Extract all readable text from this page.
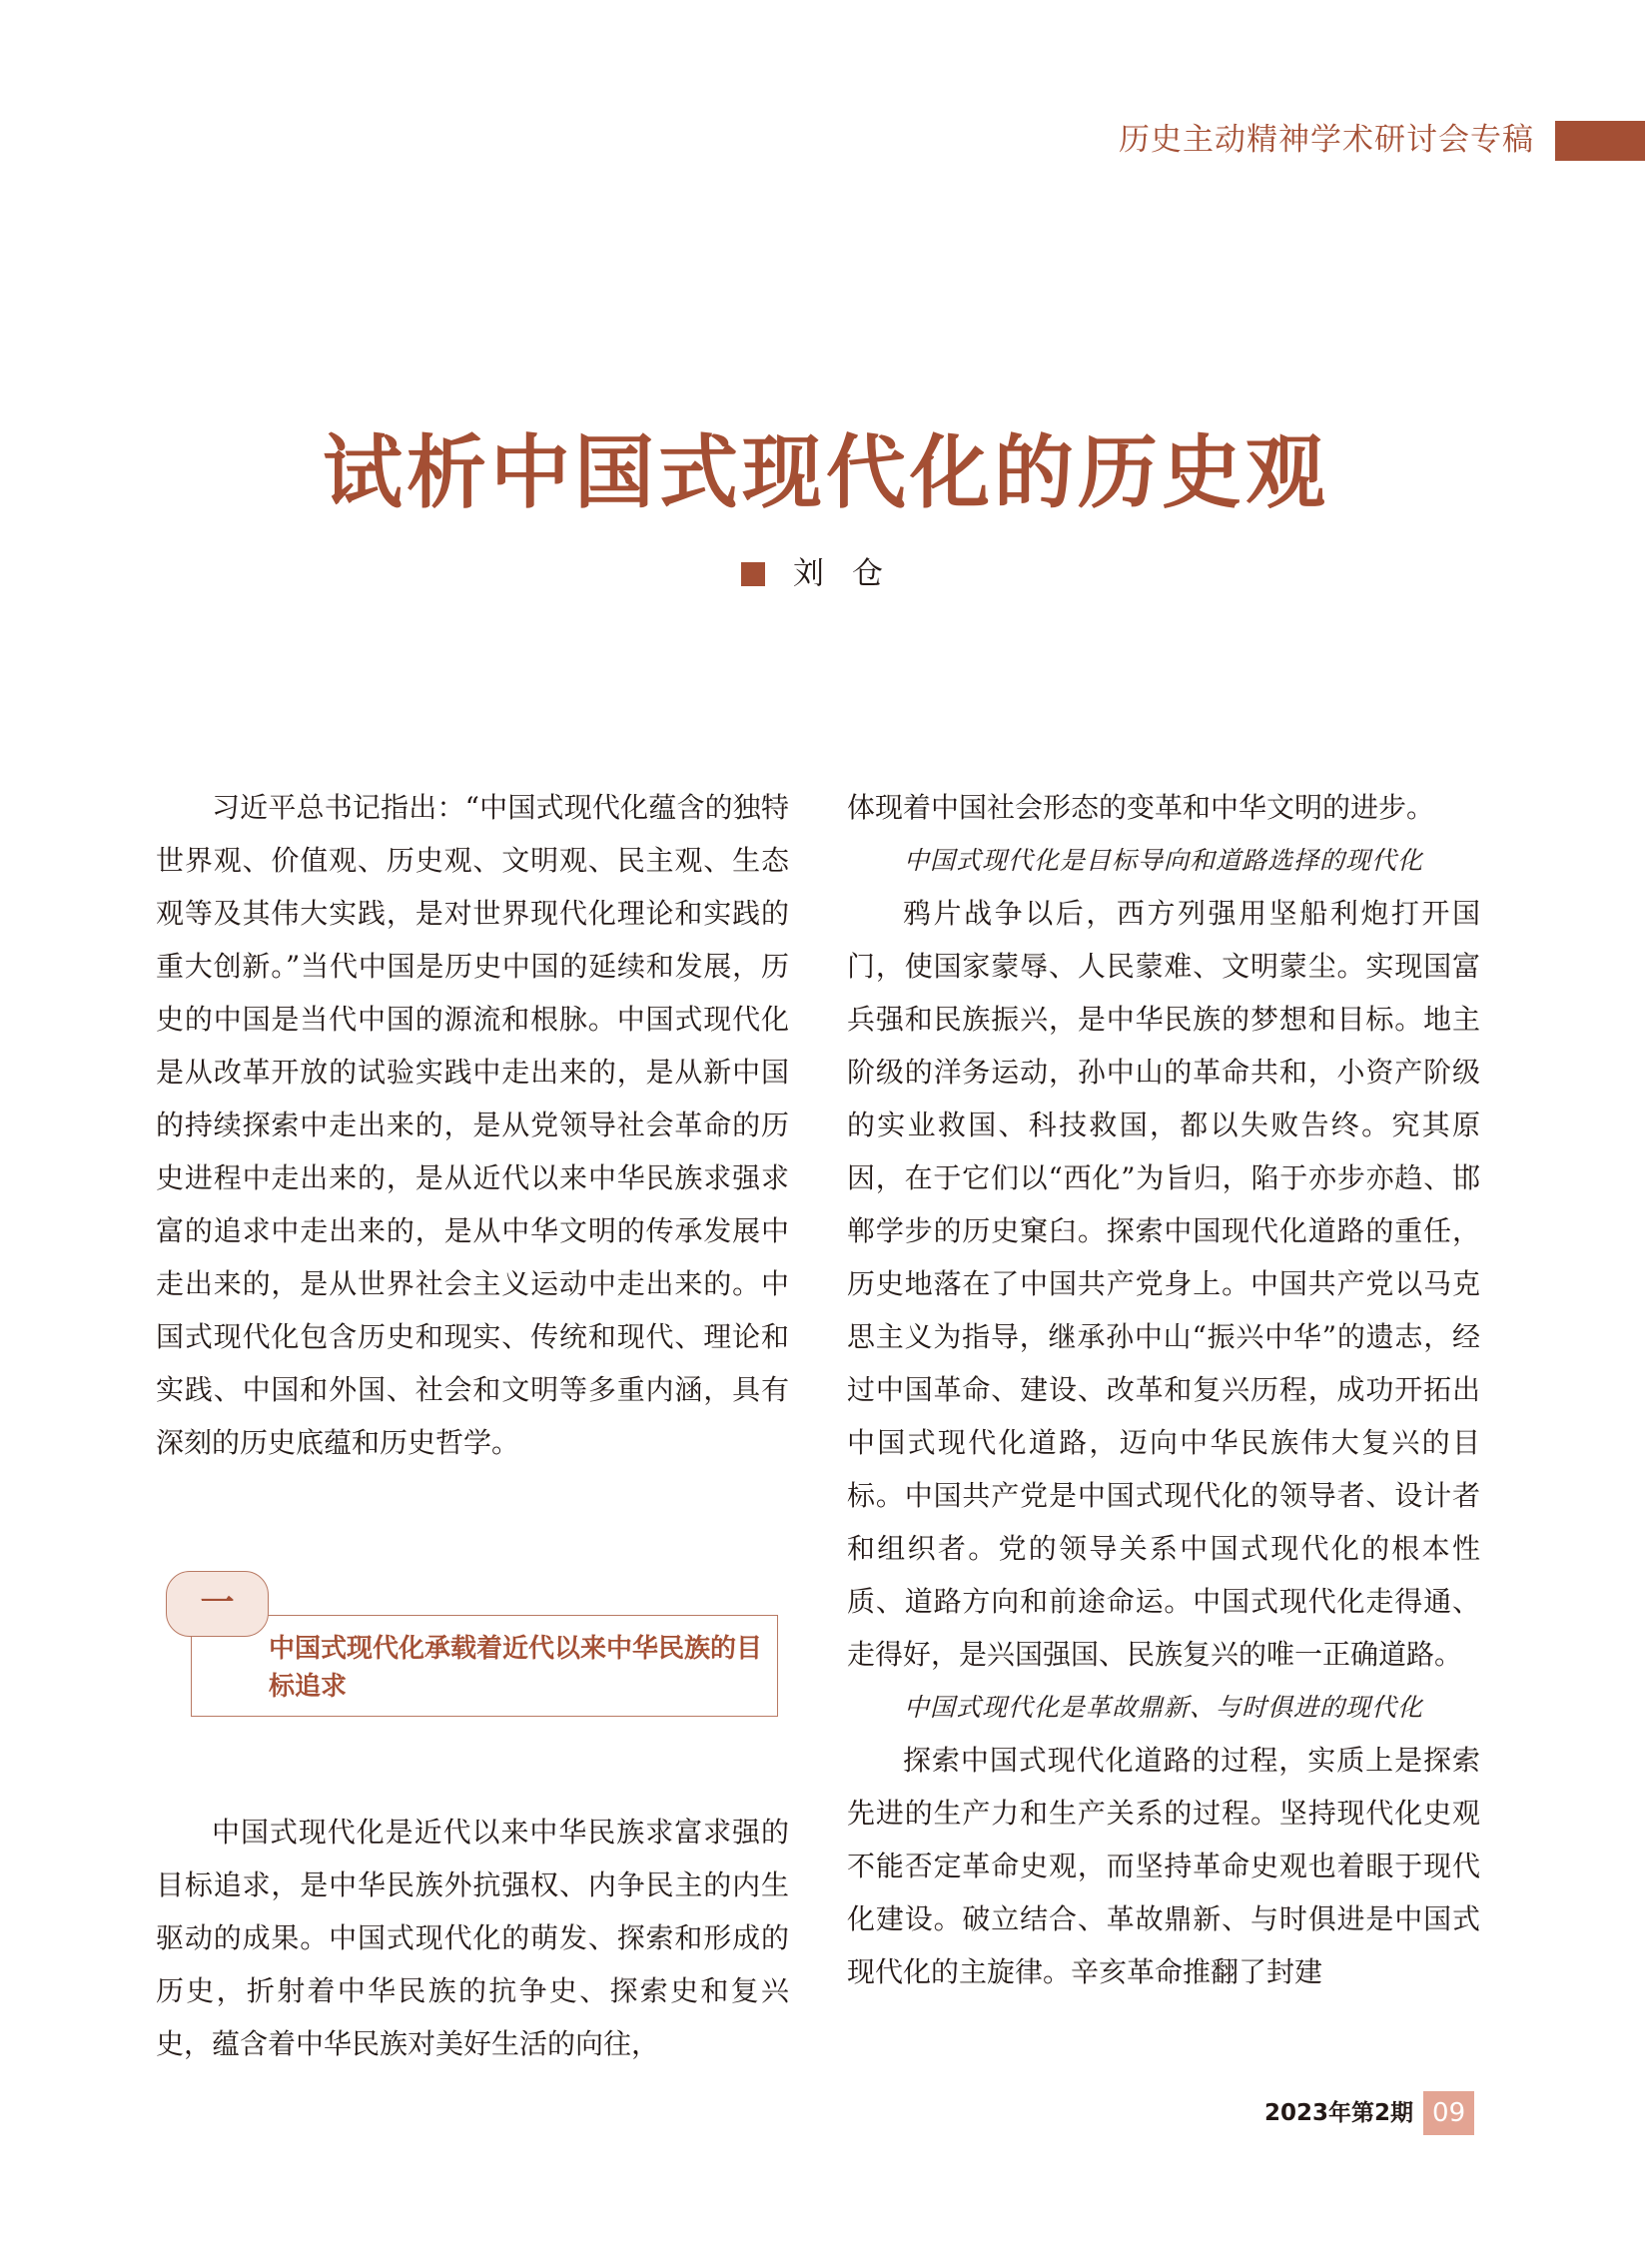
历史主动精神学术研讨会专稿
试析中国式现代化的历史观
刘仓

习近平总书记指出：“中国式现代化蕴含的独特世界观、价值观、历史观、文明观、民主观、生态观等及其伟大实践，是对世界现代化理论和实践的重大创新。”当代中国是历史中国的延续和发展，历史的中国是当代中国的源流和根脉。中国式现代化是从改革开放的试验实践中走出来的，是从新中国的持续探索中走出来的，是从党领导社会革命的历史进程中走出来的，是从近代以来中华民族求强求富的追求中走出来的，是从中华文明的传承发展中走出来的，是从世界社会主义运动中走出来的。中国式现代化包含历史和现实、传统和现代、理论和实践、中国和外国、社会和文明等多重内涵，具有深刻的历史底蕴和历史哲学。

一

中国式现代化承载着近代以来中华民族的目标追求

中国式现代化是近代以来中华民族求富求强的目标追求，是中华民族外抗强权、内争民主的内生驱动的成果。中国式现代化的萌发、探索和形成的历史，折射着中华民族的抗争史、探索史和复兴史，蕴含着中华民族对美好生活的向往，

体现着中国社会形态的变革和中华文明的进步。

中国式现代化是目标导向和道路选择的现代化

鸦片战争以后，西方列强用坚船利炮打开国门，使国家蒙辱、人民蒙难、文明蒙尘。实现国富兵强和民族振兴，是中华民族的梦想和目标。地主阶级的洋务运动，孙中山的革命共和，小资产阶级的实业救国、科技救国，都以失败告终。究其原因，在于它们以“西化”为旨归，陷于亦步亦趋、邯郸学步的历史窠臼。探索中国现代化道路的重任，历史地落在了中国共产党身上。中国共产党以马克思主义为指导，继承孙中山“振兴中华”的遗志，经过中国革命、建设、改革和复兴历程，成功开拓出中国式现代化道路，迈向中华民族伟大复兴的目标。中国共产党是中国式现代化的领导者、设计者和组织者。党的领导关系中国式现代化的根本性质、道路方向和前途命运。中国式现代化走得通、走得好，是兴国强国、民族复兴的唯一正确道路。

中国式现代化是革故鼎新、与时俱进的现代化

探索中国式现代化道路的过程，实质上是探索先进的生产力和生产关系的过程。坚持现代化史观不能否定革命史观，而坚持革命史观也着眼于现代化建设。破立结合、革故鼎新、与时俱进是中国式现代化的主旋律。辛亥革命推翻了封建

2023年第2期 09
